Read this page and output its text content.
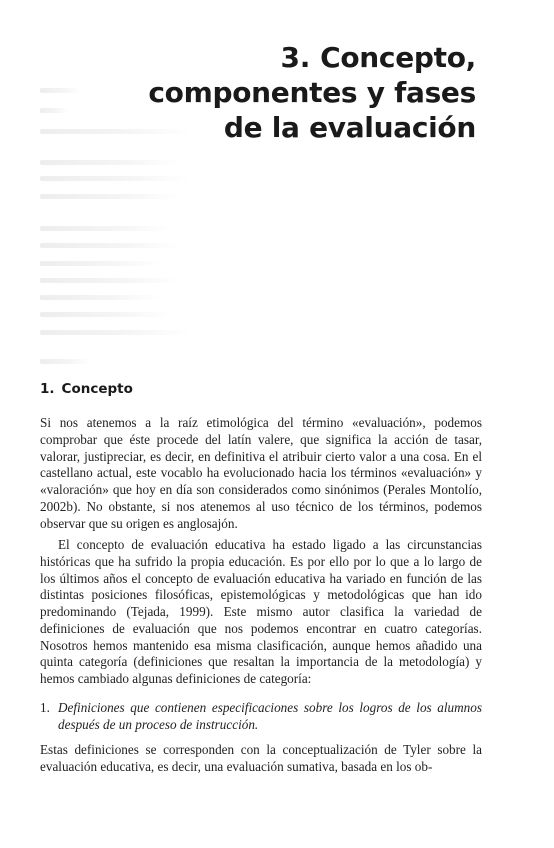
3. Concepto,
componentes y fases
de la evaluación
1. Concepto

Si nos atenemos a la raíz etimológica del término «evaluación», podemos comprobar que éste procede del latín valere, que significa la acción de tasar, valorar, justipreciar, es decir, en definitiva el atribuir cierto valor a una cosa. En el castellano actual, este vocablo ha evolucionado hacia los términos «evaluación» y «valoración» que hoy en día son considerados como sinónimos (Perales Montolío, 2002b). No obstante, si nos atenemos al uso técnico de los términos, podemos observar que su origen es anglosajón.

El concepto de evaluación educativa ha estado ligado a las circunstancias históricas que ha sufrido la propia educación. Es por ello por lo que a lo largo de los últimos años el concepto de evaluación educativa ha variado en función de las distintas posiciones filosóficas, epistemológicas y metodológicas que han ido predominando (Tejada, 1999). Este mismo autor clasifica la variedad de definiciones de evaluación que nos podemos encontrar en cuatro categorías. Nosotros hemos mantenido esa misma clasificación, aunque hemos añadido una quinta categoría (definiciones que resaltan la importancia de la metodología) y hemos cambiado algunas definiciones de categoría:

1. Definiciones que contienen especificaciones sobre los logros de los alumnos después de un proceso de instrucción.

Estas definiciones se corresponden con la conceptualización de Tyler sobre la evaluación educativa, es decir, una evaluación sumativa, basada en los ob-
